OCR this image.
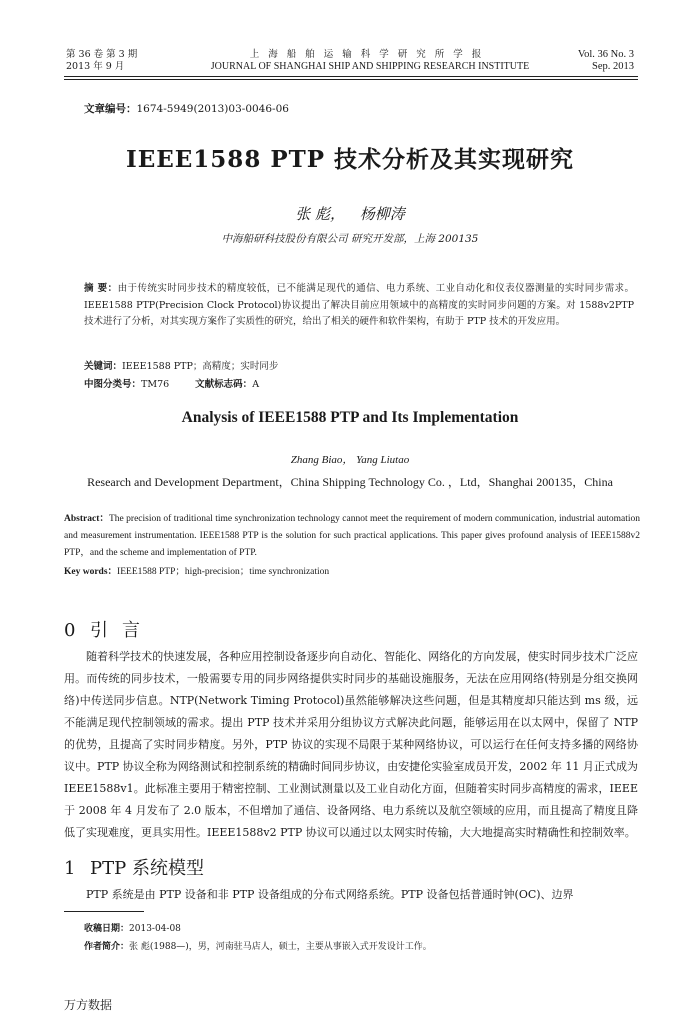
第 36 卷 第 3 期
2013 年 9 月
上海船舶运输科学研究所学报
JOURNAL OF SHANGHAI SHIP AND SHIPPING RESEARCH INSTITUTE
Vol. 36 No. 3
Sep. 2013
文章编号：1674-5949(2013)03-0046-06
IEEE1588 PTP 技术分析及其实现研究
张 彪， 杨柳涛
中海船研科技股份有限公司 研究开发部，上海 200135
摘 要：由于传统实时同步技术的精度较低，已不能满足现代的通信、电力系统、工业自动化和仪表仪器测量的实时同步需求。IEEE1588 PTP(Precision Clock Protocol)协议提出了解决目前应用领域中的高精度的实时同步问题的方案。对 1588v2PTP 技术进行了分析，对其实现方案作了实质性的研究，给出了相关的硬件和软件架构，有助于 PTP 技术的开发应用。
关键词：IEEE1588 PTP；高精度；实时同步
中图分类号：TM76	文献标志码：A
Analysis of IEEE1588 PTP and Its Implementation
Zhang Biao， Yang Liutao
Research and Development Department，China Shipping Technology Co. ，Ltd，Shanghai 200135，China
Abstract：The precision of traditional time synchronization technology cannot meet the requirement of modern communication, industrial automation and measurement instrumentation. IEEE1588 PTP is the solution for such practical applications. This paper gives profound analysis of IEEE1588v2 PTP，and the scheme and implementation of PTP.
Key words：IEEE1588 PTP；high-precision；time synchronization
0 引言
随着科学技术的快速发展，各种应用控制设备逐步向自动化、智能化、网络化的方向发展，使实时同步技术广泛应用。而传统的同步技术，一般需要专用的同步网络提供实时同步的基础设施服务，无法在应用网络(特别是分组交换网络)中传送同步信息。NTP(Network Timing Protocol)虽然能够解决这些问题，但是其精度却只能达到 ms 级，远不能满足现代控制领域的需求。提出 PTP 技术并采用分组协议方式解决此问题，能够运用在以太网中，保留了 NTP 的优势，且提高了实时同步精度。另外，PTP 协议的实现不局限于某种网络协议，可以运行在任何支持多播的网络协议中。PTP 协议全称为网络测试和控制系统的精确时间同步协议，由安捷伦实验室成员开发，2002 年 11 月正式成为 IEEE1588v1。此标准主要用于精密控制、工业测试测量以及工业自动化方面，但随着实时同步高精度的需求，IEEE 于 2008 年 4 月发布了 2.0 版本，不但增加了通信、设备网络、电力系统以及航空领域的应用，而且提高了精度且降低了实现难度，更具实用性。IEEE1588v2 PTP 协议可以通过以太网实时传输，大大地提高实时精确性和控制效率。
1 PTP 系统模型
PTP 系统是由 PTP 设备和非 PTP 设备组成的分布式网络系统。PTP 设备包括普通时钟(OC)、边界
收稿日期：2013-04-08
作者简介：张 彪(1988—)，男，河南驻马店人，硕士，主要从事嵌入式开发设计工作。
万方数据
